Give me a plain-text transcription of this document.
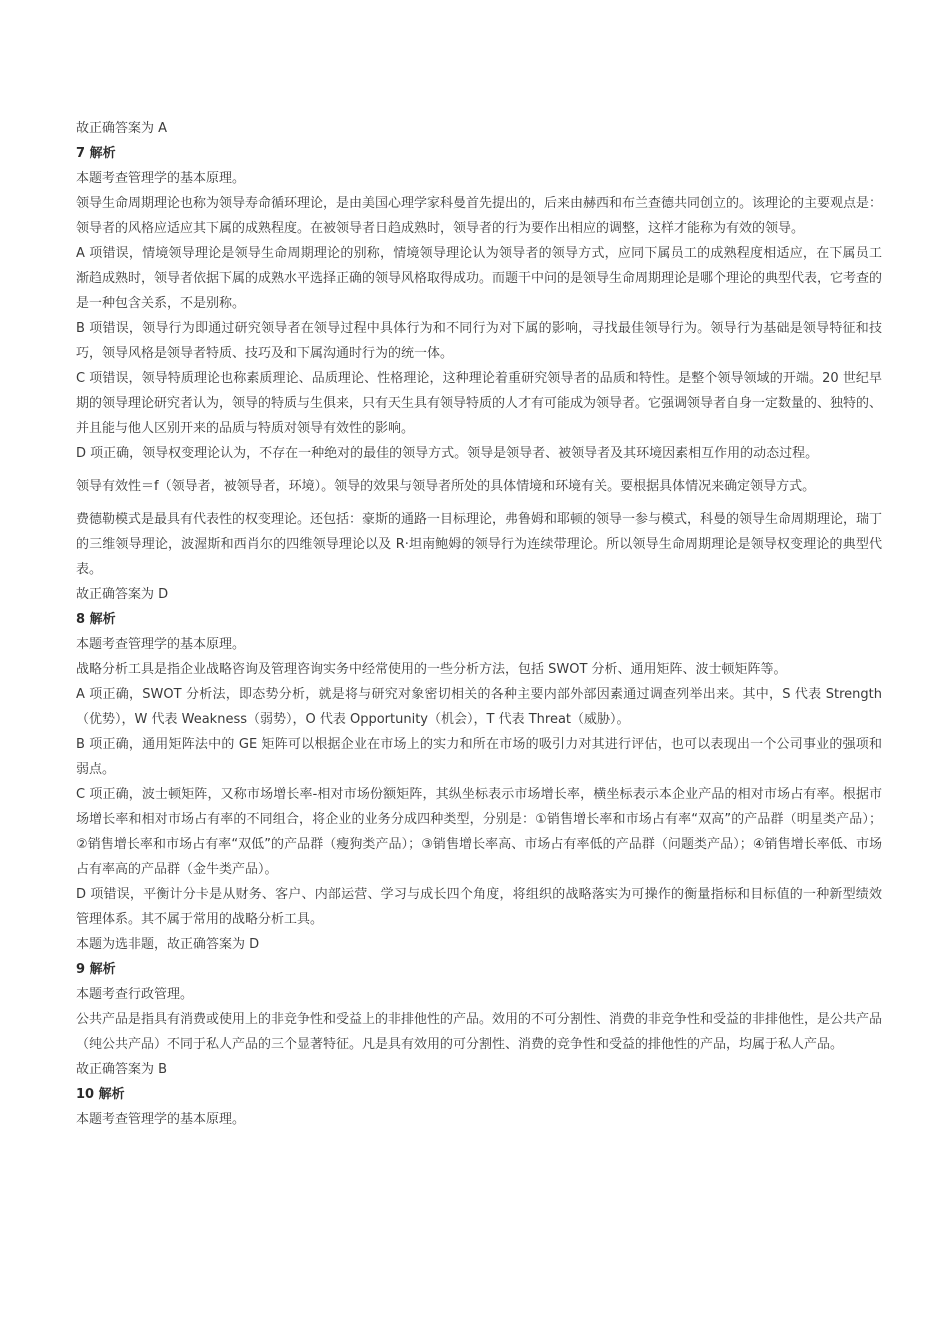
故正确答案为 A

7 解析

本题考查管理学的基本原理。

领导生命周期理论也称为领导寿命循环理论，是由美国心理学家科曼首先提出的，后来由赫西和布兰查德共同创立的。该理论的主要观点是：领导者的风格应适应其下属的成熟程度。在被领导者日趋成熟时，领导者的行为要作出相应的调整，这样才能称为有效的领导。

A 项错误，情境领导理论是领导生命周期理论的别称，情境领导理论认为领导者的领导方式，应同下属员工的成熟程度相适应，在下属员工渐趋成熟时，领导者依据下属的成熟水平选择正确的领导风格取得成功。而题干中问的是领导生命周期理论是哪个理论的典型代表，它考查的是一种包含关系，不是别称。

B 项错误，领导行为即通过研究领导者在领导过程中具体行为和不同行为对下属的影响，寻找最佳领导行为。领导行为基础是领导特征和技巧，领导风格是领导者特质、技巧及和下属沟通时行为的统一体。

C 项错误，领导特质理论也称素质理论、品质理论、性格理论，这种理论着重研究领导者的品质和特性。是整个领导领域的开端。20 世纪早期的领导理论研究者认为，领导的特质与生俱来，只有天生具有领导特质的人才有可能成为领导者。它强调领导者自身一定数量的、独特的、并且能与他人区别开来的品质与特质对领导有效性的影响。

D 项正确，领导权变理论认为，不存在一种绝对的最佳的领导方式。领导是领导者、被领导者及其环境因素相互作用的动态过程。

领导有效性＝f（领导者，被领导者，环境）。领导的效果与领导者所处的具体情境和环境有关。要根据具体情况来确定领导方式。

费德勒模式是最具有代表性的权变理论。还包括：豪斯的通路一目标理论，弗鲁姆和耶顿的领导一参与模式，科曼的领导生命周期理论，瑞丁的三维领导理论，波渥斯和西肖尔的四维领导理论以及 R·坦南鲍姆的领导行为连续带理论。所以领导生命周期理论是领导权变理论的典型代表。

故正确答案为 D

8 解析

本题考查管理学的基本原理。

战略分析工具是指企业战略咨询及管理咨询实务中经常使用的一些分析方法，包括 SWOT 分析、通用矩阵、波士顿矩阵等。

A 项正确，SWOT 分析法，即态势分析，就是将与研究对象密切相关的各种主要内部外部因素通过调查列举出来。其中，S 代表 Strength（优势），W 代表 Weakness（弱势），O 代表 Opportunity（机会），T 代表 Threat（威胁）。

B 项正确，通用矩阵法中的 GE 矩阵可以根据企业在市场上的实力和所在市场的吸引力对其进行评估，也可以表现出一个公司事业的强项和弱点。

C 项正确，波士顿矩阵，又称市场增长率-相对市场份额矩阵，其纵坐标表示市场增长率，横坐标表示本企业产品的相对市场占有率。根据市场增长率和相对市场占有率的不同组合，将企业的业务分成四种类型，分别是：①销售增长率和市场占有率“双高”的产品群（明星类产品）；②销售增长率和市场占有率“双低”的产品群（瘦狗类产品）；③销售增长率高、市场占有率低的产品群（问题类产品）；④销售增长率低、市场占有率高的产品群（金牛类产品）。

D 项错误，平衡计分卡是从财务、客户、内部运营、学习与成长四个角度，将组织的战略落实为可操作的衡量指标和目标值的一种新型绩效管理体系。其不属于常用的战略分析工具。

本题为选非题，故正确答案为 D

9 解析

本题考查行政管理。

公共产品是指具有消费或使用上的非竞争性和受益上的非排他性的产品。效用的不可分割性、消费的非竞争性和受益的非排他性，是公共产品（纯公共产品）不同于私人产品的三个显著特征。凡是具有效用的可分割性、消费的竞争性和受益的排他性的产品，均属于私人产品。

故正确答案为 B

10 解析

本题考查管理学的基本原理。
